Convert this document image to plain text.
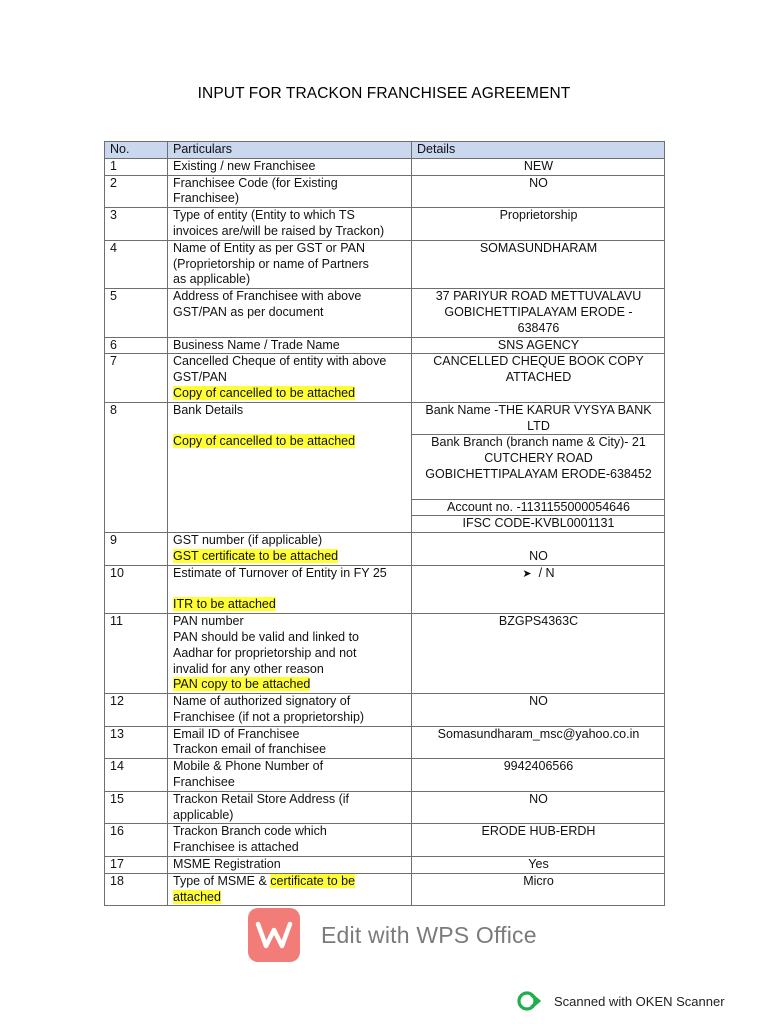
INPUT FOR TRACKON FRANCHISEE AGREEMENT
No.	Particulars	Details
1	Existing / new Franchisee	NEW

2	Franchisee Code (for Existing
Franchisee)	NO

3	Type of entity (Entity to which TS
invoices are/will be raised by Trackon)	Proprietorship

4	Name of Entity as per GST or PAN
(Proprietorship or name of Partners
as applicable)	SOMASUNDHARAM

5	Address of Franchisee with above
GST/PAN as per document	37 PARIYUR ROAD METTUVALAVU
GOBICHETTIPALAYAM ERODE -
638476

6	Business Name / Trade Name	SNS AGENCY

7	Cancelled Cheque of entity with above
GST/PAN
Copy of cancelled to be attached	CANCELLED CHEQUE BOOK COPY
ATTACHED

8	Bank Details
Copy of cancelled to be attached	Bank Name -THE KARUR VYSYA BANK
LTD

		Bank Branch (branch name & City)- 21
CUTCHERY ROAD
GOBICHETTIPALAYAM ERODE-638452

		Account no. -1131155000054646
		IFSC CODE-KVBL0001131
9	GST number (if applicable)
GST certificate to be attached	NO

10	Estimate of Turnover of Entity in FY 25
ITR to be attached	➤  / N

11	PAN number
PAN should be valid and linked to
Aadhar for proprietorship and not
invalid for any other reason
PAN copy to be attached	BZGPS4363C

12	Name of authorized signatory of
Franchisee (if not a proprietorship)	NO

13	Email ID of Franchisee
Trackon email of franchisee	Somasundharam_msc@yahoo.co.in

14	Mobile & Phone Number of
Franchisee	9942406566

15	Trackon Retail Store Address (if
applicable)	NO

16	Trackon Branch code which
Franchisee is attached	ERODE HUB-ERDH

17	MSME Registration	Yes

18	Type of MSME & certificate to be
attached	Micro
Edit with WPS Office
Scanned with OKEN Scanner
